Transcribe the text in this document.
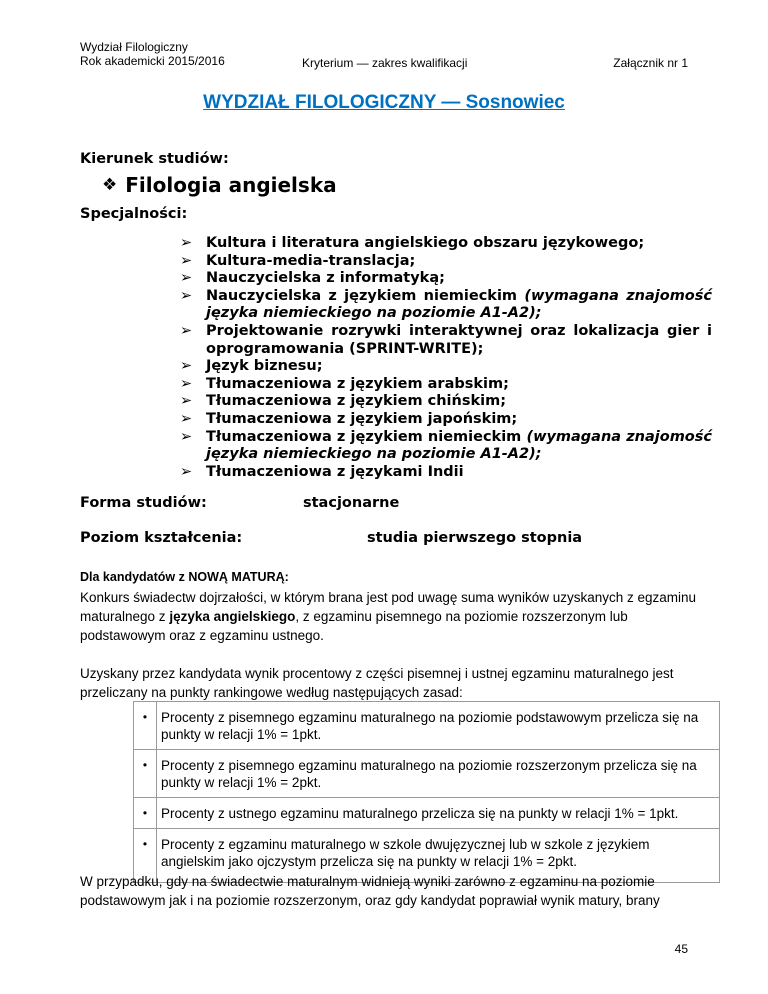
Wydział Filologiczny
Rok akademicki 2015/2016	Kryterium — zakres kwalifikacji	Załącznik nr 1
WYDZIAŁ FILOLOGICZNY — Sosnowiec
Kierunek studiów:
❖ Filologia angielska
Specjalności:
➢ Kultura i literatura angielskiego obszaru językowego;
➢ Kultura-media-translacja;
➢ Nauczycielska z informatyką;
➢ Nauczycielska z językiem niemieckim (wymagana znajomość języka niemieckiego na poziomie A1-A2);
➢ Projektowanie rozrywki interaktywnej oraz lokalizacja gier i oprogramowania (SPRINT-WRITE);
➢ Język biznesu;
➢ Tłumaczeniowa z językiem arabskim;
➢ Tłumaczeniowa z językiem chińskim;
➢ Tłumaczeniowa z językiem japońskim;
➢ Tłumaczeniowa z językiem niemieckim (wymagana znajomość języka niemieckiego na poziomie A1-A2);
➢ Tłumaczeniowa z językami Indii
Forma studiów:	stacjonarne
Poziom kształcenia:	studia pierwszego stopnia
Dla kandydatów z NOWĄ MATURĄ:
Konkurs świadectw dojrzałości, w którym brana jest pod uwagę suma wyników uzyskanych z egzaminu maturalnego z języka angielskiego, z egzaminu pisemnego na poziomie rozszerzonym lub podstawowym oraz z egzaminu ustnego.
Uzyskany przez kandydata wynik procentowy z części pisemnej i ustnej egzaminu maturalnego jest przeliczany na punkty rankingowe według następujących zasad:
•	Procenty z pisemnego egzaminu maturalnego na poziomie podstawowym przelicza się na punkty w relacji 1% = 1pkt.
•	Procenty z pisemnego egzaminu maturalnego na poziomie rozszerzonym przelicza się na punkty w relacji 1% = 2pkt.
•	Procenty z ustnego egzaminu maturalnego przelicza się na punkty w relacji 1% = 1pkt.
•	Procenty z egzaminu maturalnego w szkole dwujęzycznej lub w szkole z językiem angielskim jako ojczystym przelicza się na punkty w relacji 1% = 2pkt.
W przypadku, gdy na świadectwie maturalnym widnieją wyniki zarówno z egzaminu na poziomie podstawowym jak i na poziomie rozszerzonym, oraz gdy kandydat poprawiał wynik matury, brany
45
